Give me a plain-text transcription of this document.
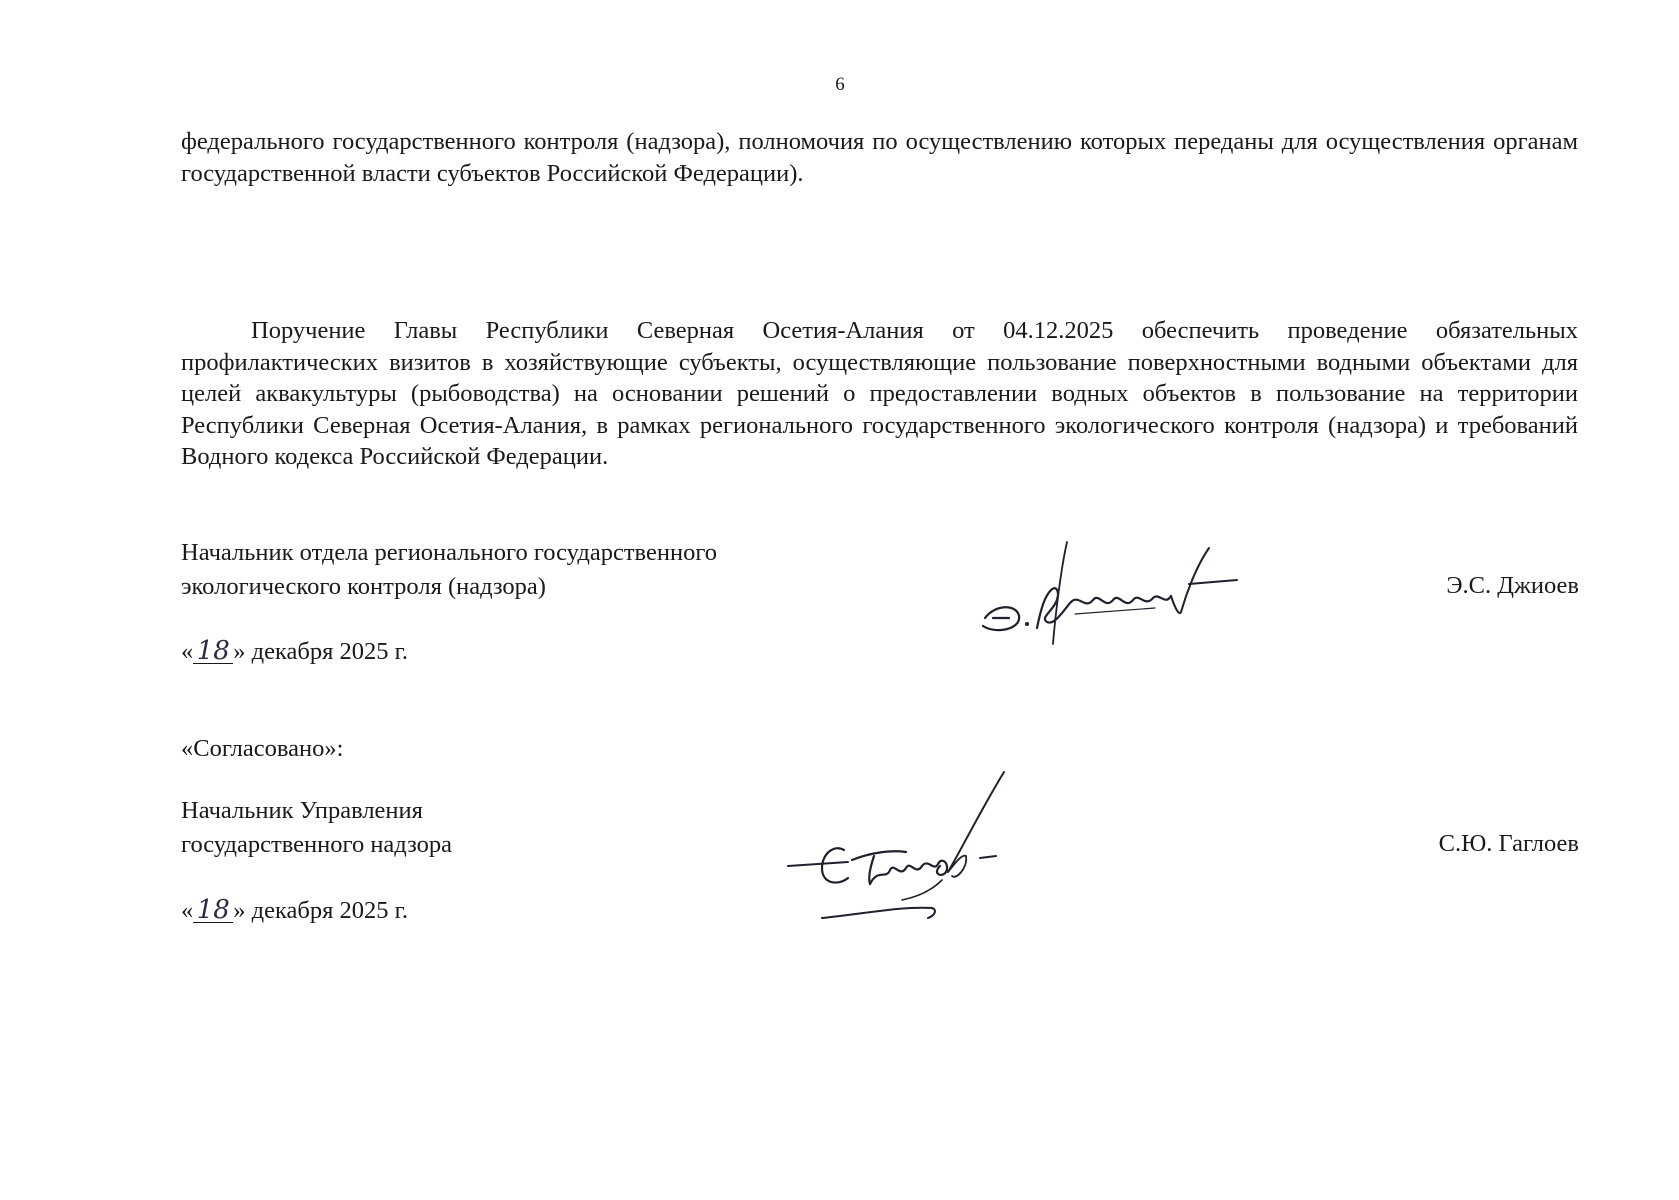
6
федерального государственного контроля (надзора), полномочия по осуществлению которых переданы для осуществления органам государственной власти субъектов Российской Федерации).
Поручение Главы Республики Северная Осетия-Алания от 04.12.2025 обеспечить проведение обязательных профилактических визитов в хозяйствующие субъекты, осуществляющие пользование поверхностными водными объектами для целей аквакультуры (рыбоводства) на основании решений о предоставлении водных объектов в пользование на территории Республики Северная Осетия-Алания, в рамках регионального государственного экологического контроля (надзора) и требований Водного кодекса Российской Федерации.
Начальник отдела регионального государственного
экологического контроля (надзора)	Э.С. Джиоев
« 18 » декабря 2025 г.
«Согласовано»:
Начальник Управления
государственного надзора	С.Ю. Гаглоев
« 18 » декабря 2025 г.
